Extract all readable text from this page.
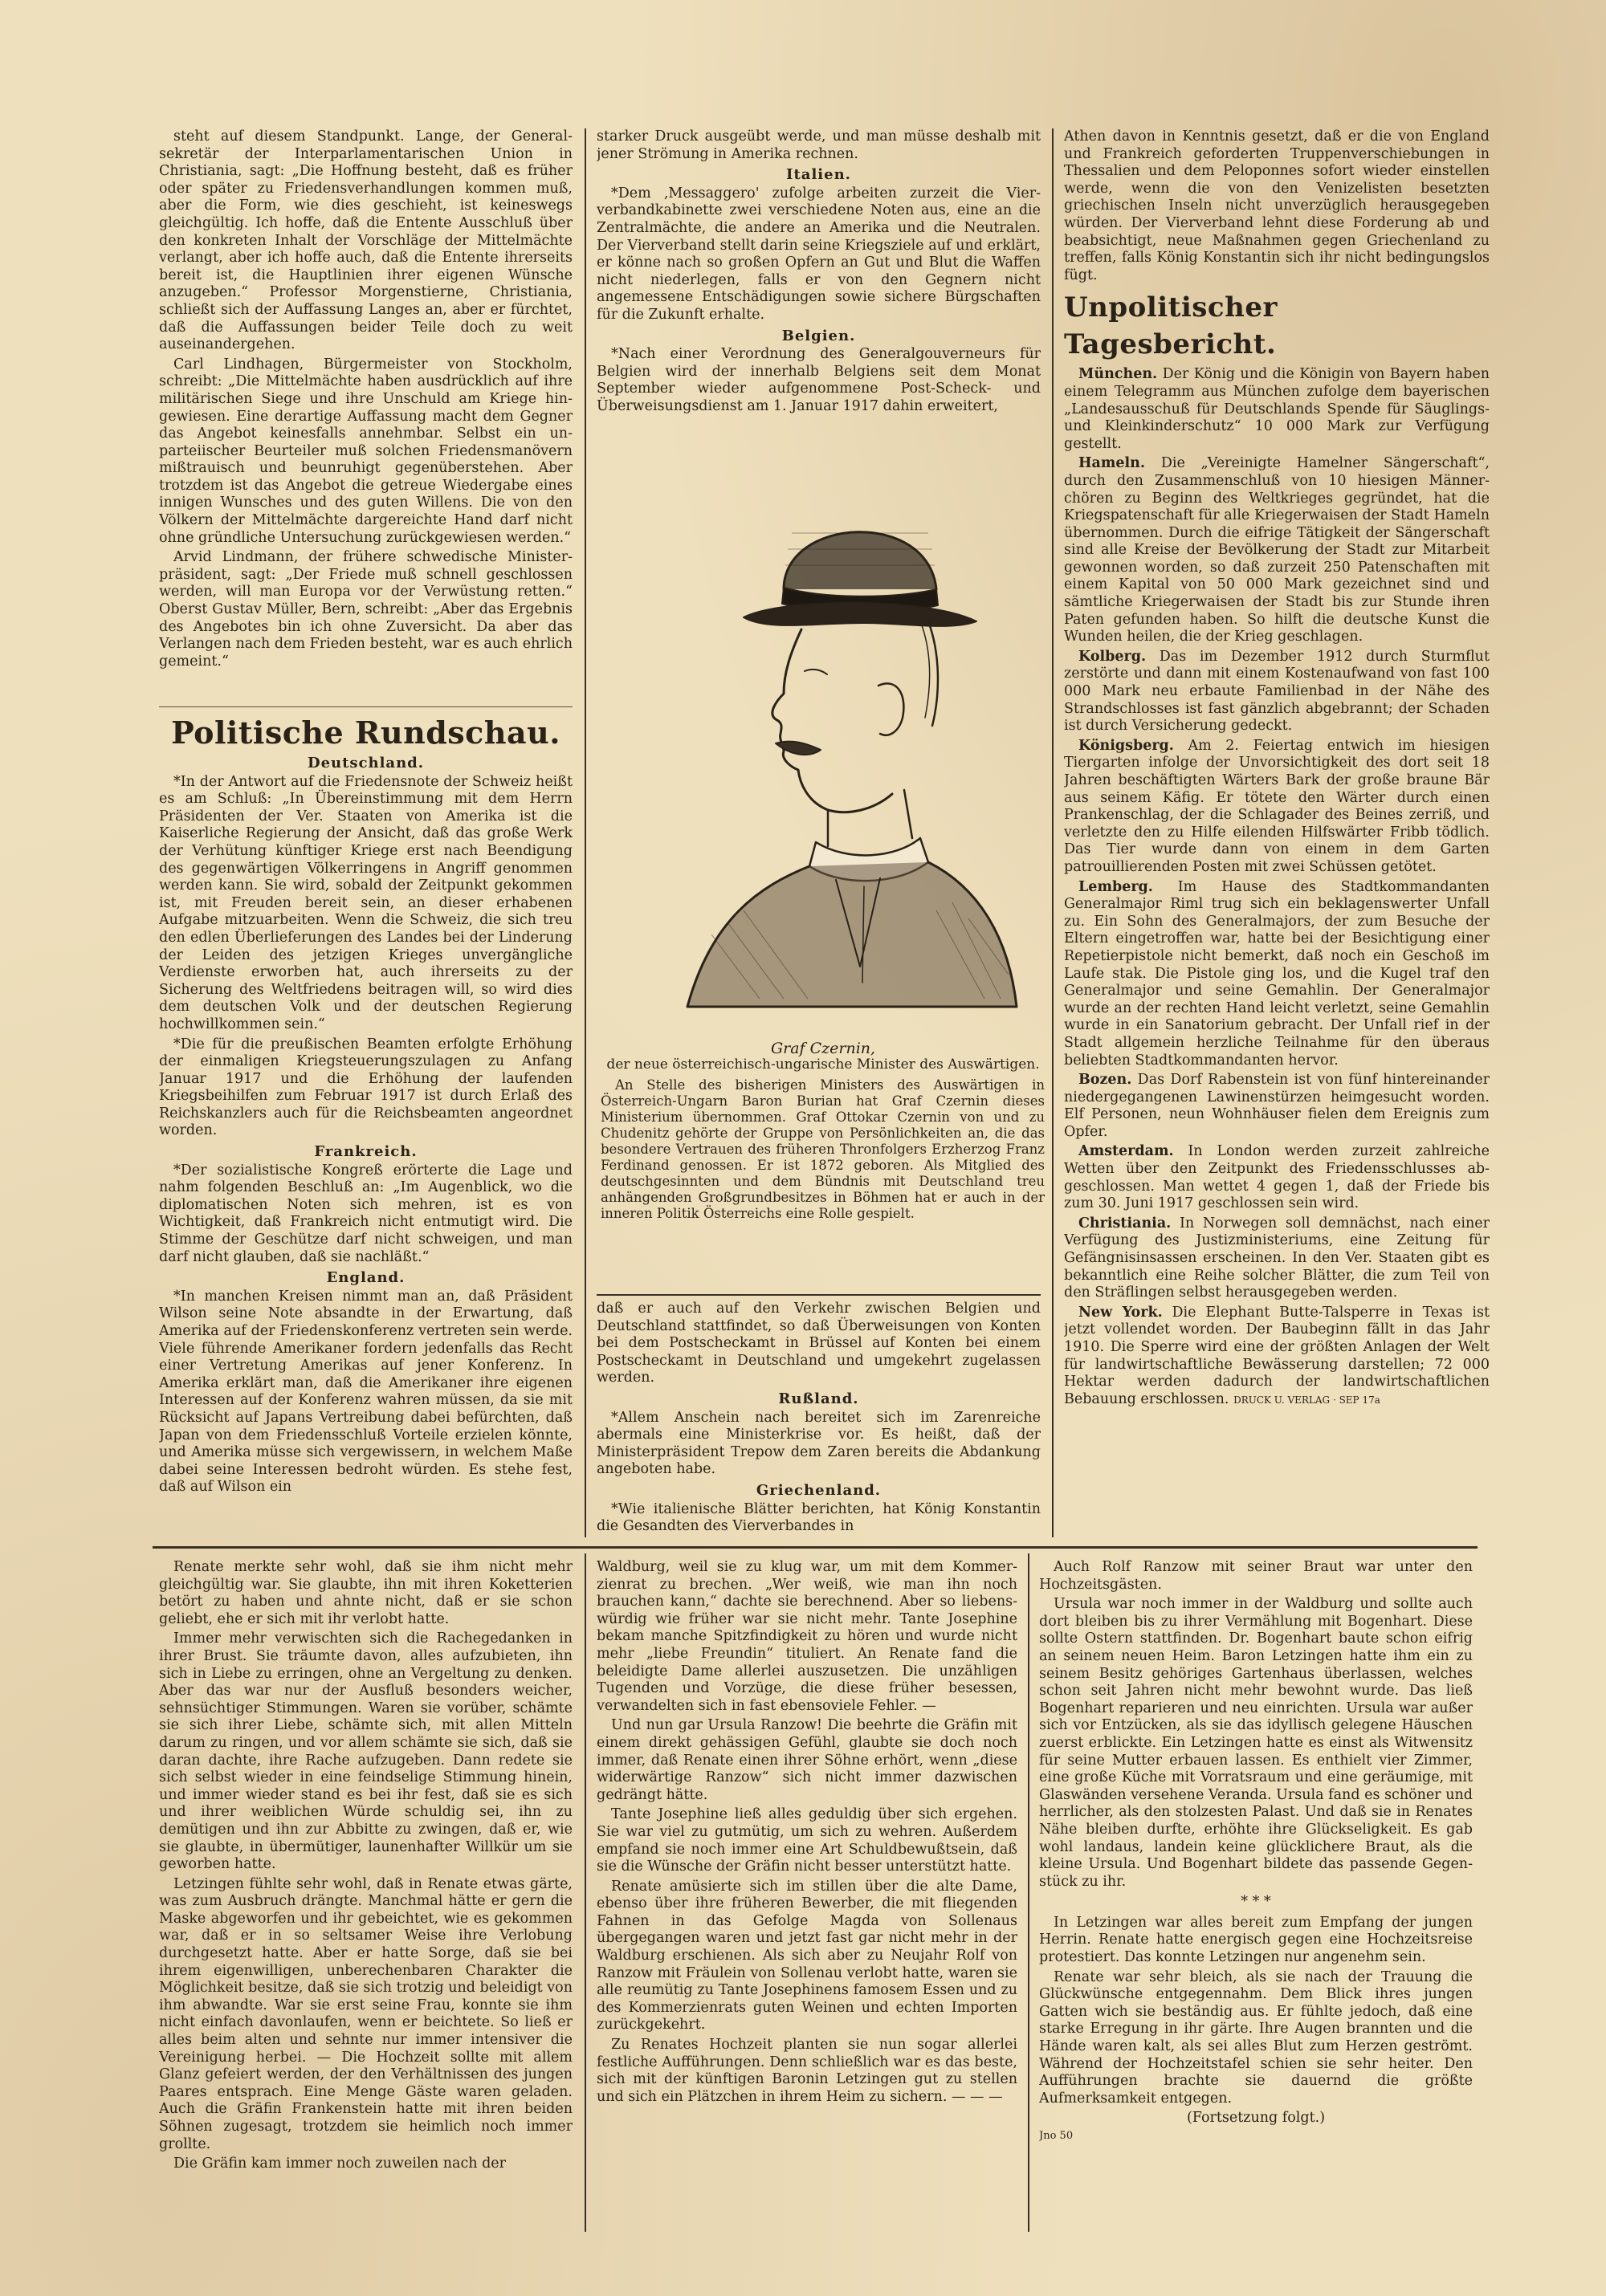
steht auf diesem Standpunkt. Lange, der Generalsekretär der Interparlamentarischen Union in Christiania, sagt: „Die Hoffnung besteht, daß es früher oder später zu Friedensverhandlungen kommen muß, aber die Form, wie dies geschieht, ist keineswegs gleichgültig. Ich hoffe, daß die Entente Ausschluß über den konkreten Inhalt der Vorschläge der Mittelmächte verlangt, aber ich hoffe auch, daß die Entente ihrerseits bereit ist, die Hauptlinien ihrer eigenen Wünsche anzugeben.“ Professor Morgenstierne, Christiania, schließt sich der Auffassung Langes an, aber er fürchtet, daß die Auffassungen beider Teile doch zu weit auseinandergehen.

Carl Lindhagen, Bürgermeister von Stockholm, schreibt: „Die Mittelmächte haben ausdrücklich auf ihre militärischen Siege und ihre Unschuld am Kriege hingewiesen. Eine derartige Auffassung macht dem Gegner das Angebot keinesfalls annehmbar. Selbst ein unparteiischer Beurteiler muß solchen Friedensmanövern mißtrauisch und beunruhigt gegenüberstehen. Aber trotzdem ist das Angebot die getreue Wiedergabe eines innigen Wunsches und des guten Willens. Die von den Völkern der Mittelmächte dargereichte Hand darf nicht ohne gründliche Untersuchung zurückgewiesen werden.“

Arvid Lindmann, der frühere schwedische Ministerpräsident, sagt: „Der Friede muß schnell geschlossen werden, will man Europa vor der Verwüstung retten.“ Oberst Gustav Müller, Bern, schreibt: „Aber das Ergebnis des Angebotes bin ich ohne Zuversicht. Da aber das Verlangen nach dem Frieden besteht, war es auch ehrlich gemeint.“

Politische Rundschau.
Deutschland.

*In der Antwort auf die Friedensnote der Schweiz heißt es am Schluß: „In Übereinstimmung mit dem Herrn Präsidenten der Ver. Staaten von Amerika ist die Kaiserliche Regierung der Ansicht, daß das große Werk der Verhütung künftiger Kriege erst nach Beendigung des gegenwärtigen Völkerringens in Angriff genommen werden kann. Sie wird, sobald der Zeitpunkt gekommen ist, mit Freuden bereit sein, an dieser erhabenen Aufgabe mitzuarbeiten. Wenn die Schweiz, die sich treu den edlen Überlieferungen des Landes bei der Linderung der Leiden des jetzigen Krieges unvergängliche Verdienste erworben hat, auch ihrerseits zu der Sicherung des Weltfriedens beitragen will, so wird dies dem deutschen Volk und der deutschen Regierung hochwillkommen sein.“

*Die für die preußischen Beamten erfolgte Erhöhung der einmaligen Kriegsteuerungszulagen zu Anfang Januar 1917 und die Erhöhung der laufenden Kriegsbeihilfen zum Februar 1917 ist durch Erlaß des Reichskanzlers auch für die Reichsbeamten angeordnet worden.

Frankreich.

*Der sozialistische Kongreß erörterte die Lage und nahm folgenden Beschluß an: „Im Augenblick, wo die diplomatischen Noten sich mehren, ist es von Wichtigkeit, daß Frankreich nicht entmutigt wird. Die Stimme der Geschütze darf nicht schweigen, und man darf nicht glauben, daß sie nachläßt.“

England.

*In manchen Kreisen nimmt man an, daß Präsident Wilson seine Note absandte in der Erwartung, daß Amerika auf der Friedenskonferenz vertreten sein werde. Viele führende Amerikaner fordern jedenfalls das Recht einer Vertretung Amerikas auf jener Konferenz. In Amerika erklärt man, daß die Amerikaner ihre eigenen Interessen auf der Konferenz wahren müssen, da sie mit Rücksicht auf Japans Vertreibung dabei befürchten, daß Japan von dem Friedensschluß Vorteile erzielen könnte, und Amerika müsse sich vergewissern, in welchem Maße dabei seine Interessen bedroht würden. Es stehe fest, daß auf Wilson ein

starker Druck ausgeübt werde, und man müsse deshalb mit jener Strömung in Amerika rechnen.

Italien.

*Dem ‚Messaggero' zufolge arbeiten zurzeit die Vierverbandkabinette zwei verschiedene Noten aus, eine an die Zentralmächte, die andere an Amerika und die Neutralen. Der Vierverband stellt darin seine Kriegsziele auf und erklärt, er könne nach so großen Opfern an Gut und Blut die Waffen nicht niederlegen, falls er von den Gegnern nicht angemessene Entschädigungen sowie sichere Bürgschaften für die Zukunft erhalte.

Belgien.

*Nach einer Verordnung des Generalgouverneurs für Belgien wird der innerhalb Belgiens seit dem Monat September wieder aufgenommene Post-Scheck- und Überweisungsdienst am 1. Januar 1917 dahin erweitert,

Graf Czernin,
der neue österreichisch-ungarische Minister des Auswärtigen.

An Stelle des bisherigen Ministers des Auswärtigen in Österreich-Ungarn Baron Burian hat Graf Czernin dieses Ministerium übernommen. Graf Ottokar Czernin von und zu Chudenitz gehörte der Gruppe von Persönlichkeiten an, die das besondere Vertrauen des früheren Thronfolgers Erzherzog Franz Ferdinand genossen. Er ist 1872 geboren. Als Mitglied des deutschgesinnten und dem Bündnis mit Deutschland treu anhängenden Großgrundbesitzes in Böhmen hat er auch in der inneren Politik Österreichs eine Rolle gespielt.

daß er auch auf den Verkehr zwischen Belgien und Deutschland stattfindet, so daß Überweisungen von Konten bei dem Postscheckamt in Brüssel auf Konten bei einem Postscheckamt in Deutschland und umgekehrt zugelassen werden.

Rußland.

*Allem Anschein nach bereitet sich im Zarenreiche abermals eine Ministerkrise vor. Es heißt, daß der Ministerpräsident Trepow dem Zaren bereits die Abdankung angeboten habe.

Griechenland.

*Wie italienische Blätter berichten, hat König Konstantin die Gesandten des Vierverbandes in

Athen davon in Kenntnis gesetzt, daß er die von England und Frankreich geforderten Truppenverschiebungen in Thessalien und dem Peloponnes sofort wieder einstellen werde, wenn die von den Venizelisten besetzten griechischen Inseln nicht unverzüglich herausgegeben würden. Der Vierverband lehnt diese Forderung ab und beabsichtigt, neue Maßnahmen gegen Griechenland zu treffen, falls König Konstantin sich ihr nicht bedingungslos fügt.

Unpolitischer Tagesbericht.

München. Der König und die Königin von Bayern haben einem Telegramm aus München zufolge dem bayerischen „Landesausschuß für Deutschlands Spende für Säuglings- und Kleinkinderschutz“ 10 000 Mark zur Verfügung gestellt.

Hameln. Die „Vereinigte Hamelner Sängerschaft“, durch den Zusammenschluß von 10 hiesigen Männerchören zu Beginn des Weltkrieges gegründet, hat die Kriegspatenschaft für alle Kriegerwaisen der Stadt Hameln übernommen. Durch die eifrige Tätigkeit der Sängerschaft sind alle Kreise der Bevölkerung der Stadt zur Mitarbeit gewonnen worden, so daß zurzeit 250 Patenschaften mit einem Kapital von 50 000 Mark gezeichnet sind und sämtliche Kriegerwaisen der Stadt bis zur Stunde ihren Paten gefunden haben. So hilft die deutsche Kunst die Wunden heilen, die der Krieg geschlagen.

Kolberg. Das im Dezember 1912 durch Sturmflut zerstörte und dann mit einem Kostenaufwand von fast 100 000 Mark neu erbaute Familienbad in der Nähe des Strandschlosses ist fast gänzlich abgebrannt; der Schaden ist durch Versicherung gedeckt.

Königsberg. Am 2. Feiertag entwich im hiesigen Tiergarten infolge der Unvorsichtigkeit des dort seit 18 Jahren beschäftigten Wärters Bark der große braune Bär aus seinem Käfig. Er tötete den Wärter durch einen Prankenschlag, der die Schlagader des Beines zerriß, und verletzte den zu Hilfe eilenden Hilfswärter Fribb tödlich. Das Tier wurde dann von einem in dem Garten patrouillierenden Posten mit zwei Schüssen getötet.

Lemberg. Im Hause des Stadtkommandanten Generalmajor Riml trug sich ein beklagenswerter Unfall zu. Ein Sohn des Generalmajors, der zum Besuche der Eltern eingetroffen war, hatte bei der Besichtigung einer Repetierpistole nicht bemerkt, daß noch ein Geschoß im Laufe stak. Die Pistole ging los, und die Kugel traf den Generalmajor und seine Gemahlin. Der Generalmajor wurde an der rechten Hand leicht verletzt, seine Gemahlin wurde in ein Sanatorium gebracht. Der Unfall rief in der Stadt allgemein herzliche Teilnahme für den überaus beliebten Stadtkommandanten hervor.

Bozen. Das Dorf Rabenstein ist von fünf hintereinander niedergegangenen Lawinenstürzen heimgesucht worden. Elf Personen, neun Wohnhäuser fielen dem Ereignis zum Opfer.

Amsterdam. In London werden zurzeit zahlreiche Wetten über den Zeitpunkt des Friedensschlusses abgeschlossen. Man wettet 4 gegen 1, daß der Friede bis zum 30. Juni 1917 geschlossen sein wird.

Christiania. In Norwegen soll demnächst, nach einer Verfügung des Justizministeriums, eine Zeitung für Gefängnisinsassen erscheinen. In den Ver. Staaten gibt es bekanntlich eine Reihe solcher Blätter, die zum Teil von den Sträflingen selbst herausgegeben werden.

New York. Die Elephant Butte-Talsperre in Texas ist jetzt vollendet worden. Der Baubeginn fällt in das Jahr 1910. Die Sperre wird eine der größten Anlagen der Welt für landwirtschaftliche Bewässerung darstellen; 72 000 Hektar werden dadurch der landwirtschaftlichen Bebauung erschlossen. DRUCK U. VERLAG · SEP 17a

Renate merkte sehr wohl, daß sie ihm nicht mehr gleichgültig war. Sie glaubte, ihn mit ihren Koketterien betört zu haben und ahnte nicht, daß er sie schon geliebt, ehe er sich mit ihr verlobt hatte.

Immer mehr verwischten sich die Rachegedanken in ihrer Brust. Sie träumte davon, alles aufzubieten, ihn sich in Liebe zu erringen, ohne an Vergeltung zu denken. Aber das war nur der Ausfluß besonders weicher, sehnsüchtiger Stimmungen. Waren sie vorüber, schämte sie sich ihrer Liebe, schämte sich, mit allen Mitteln darum zu ringen, und vor allem schämte sie sich, daß sie daran dachte, ihre Rache aufzugeben. Dann redete sie sich selbst wieder in eine feindselige Stimmung hinein, und immer wieder stand es bei ihr fest, daß sie es sich und ihrer weiblichen Würde schuldig sei, ihn zu demütigen und ihn zur Abbitte zu zwingen, daß er, wie sie glaubte, in übermütiger, launenhafter Willkür um sie geworben hatte.

Letzingen fühlte sehr wohl, daß in Renate etwas gärte, was zum Ausbruch drängte. Manchmal hätte er gern die Maske abgeworfen und ihr gebeichtet, wie es gekommen war, daß er in so seltsamer Weise ihre Verlobung durchgesetzt hatte. Aber er hatte Sorge, daß sie bei ihrem eigenwilligen, unberechenbaren Charakter die Möglichkeit besitze, daß sie sich trotzig und beleidigt von ihm abwandte. War sie erst seine Frau, konnte sie ihm nicht einfach davonlaufen, wenn er beichtete. So ließ er alles beim alten und sehnte nur immer intensiver die Vereinigung herbei. — Die Hochzeit sollte mit allem Glanz gefeiert werden, der den Verhältnissen des jungen Paares entsprach. Eine Menge Gäste waren geladen. Auch die Gräfin Frankenstein hatte mit ihren beiden Söhnen zugesagt, trotzdem sie heimlich noch immer grollte.

Die Gräfin kam immer noch zuweilen nach der

Waldburg, weil sie zu klug war, um mit dem Kommerzienrat zu brechen. „Wer weiß, wie man ihn noch brauchen kann,“ dachte sie berechnend. Aber so liebenswürdig wie früher war sie nicht mehr. Tante Josephine bekam manche Spitzfindigkeit zu hören und wurde nicht mehr „liebe Freundin“ tituliert. An Renate fand die beleidigte Dame allerlei auszusetzen. Die unzähligen Tugenden und Vorzüge, die diese früher besessen, verwandelten sich in fast ebensoviele Fehler. —

Und nun gar Ursula Ranzow! Die beehrte die Gräfin mit einem direkt gehässigen Gefühl, glaubte sie doch noch immer, daß Renate einen ihrer Söhne erhört, wenn „diese widerwärtige Ranzow“ sich nicht immer dazwischen gedrängt hätte.

Tante Josephine ließ alles geduldig über sich ergehen. Sie war viel zu gutmütig, um sich zu wehren. Außerdem empfand sie noch immer eine Art Schuldbewußtsein, daß sie die Wünsche der Gräfin nicht besser unterstützt hatte.

Renate amüsierte sich im stillen über die alte Dame, ebenso über ihre früheren Bewerber, die mit fliegenden Fahnen in das Gefolge Magda von Sollenaus übergegangen waren und jetzt fast gar nicht mehr in der Waldburg erschienen. Als sich aber zu Neujahr Rolf von Ranzow mit Fräulein von Sollenau verlobt hatte, waren sie alle reumütig zu Tante Josephinens famosem Essen und zu des Kommerzienrats guten Weinen und echten Importen zurückgekehrt.

Zu Renates Hochzeit planten sie nun sogar allerlei festliche Aufführungen. Denn schließlich war es das beste, sich mit der künftigen Baronin Letzingen gut zu stellen und sich ein Plätzchen in ihrem Heim zu sichern. — — —

Auch Rolf Ranzow mit seiner Braut war unter den Hochzeitsgästen.

Ursula war noch immer in der Waldburg und sollte auch dort bleiben bis zu ihrer Vermählung mit Bogenhart. Diese sollte Ostern stattfinden. Dr. Bogenhart baute schon eifrig an seinem neuen Heim. Baron Letzingen hatte ihm ein zu seinem Besitz gehöriges Gartenhaus überlassen, welches schon seit Jahren nicht mehr bewohnt wurde. Das ließ Bogenhart reparieren und neu einrichten. Ursula war außer sich vor Entzücken, als sie das idyllisch gelegene Häuschen zuerst erblickte. Ein Letzingen hatte es einst als Witwensitz für seine Mutter erbauen lassen. Es enthielt vier Zimmer, eine große Küche mit Vorratsraum und eine geräumige, mit Glaswänden versehene Veranda. Ursula fand es schöner und herrlicher, als den stolzesten Palast. Und daß sie in Renates Nähe bleiben durfte, erhöhte ihre Glückseligkeit. Es gab wohl landaus, landein keine glücklichere Braut, als die kleine Ursula. Und Bogenhart bildete das passende Gegenstück zu ihr.

* * *

In Letzingen war alles bereit zum Empfang der jungen Herrin. Renate hatte energisch gegen eine Hochzeitsreise protestiert. Das konnte Letzingen nur angenehm sein.

Renate war sehr bleich, als sie nach der Trauung die Glückwünsche entgegennahm. Dem Blick ihres jungen Gatten wich sie beständig aus. Er fühlte jedoch, daß eine starke Erregung in ihr gärte. Ihre Augen brannten und die Hände waren kalt, als sei alles Blut zum Herzen geströmt. Während der Hochzeitstafel schien sie sehr heiter. Den Aufführungen brachte sie dauernd die größte Aufmerksamkeit entgegen.

(Fortsetzung folgt.)
Jno 50
